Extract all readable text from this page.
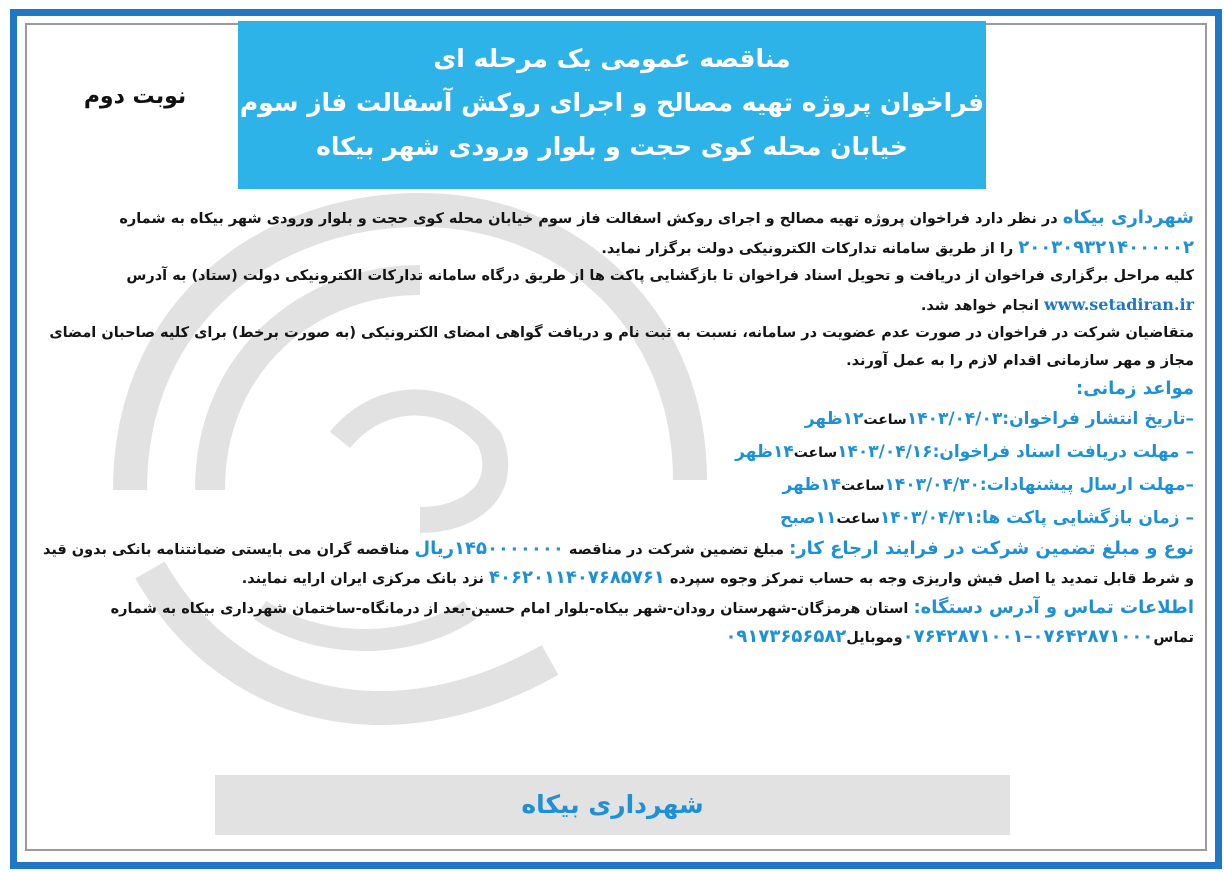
مناقصه عمومی یک مرحله ای
فراخوان پروژه تهیه مصالح و اجرای روکش آسفالت فاز سوم
خیابان محله کوی حجت و بلوار ورودی شهر بیکاه
نوبت دوم

شهرداری بیکاه در نظر دارد فراخوان پروژه تهیه مصالح و اجرای روکش اسفالت فاز سوم خیابان محله کوی حجت و بلوار ورودی شهر بیکاه به شماره ۲۰۰۳۰۹۳۲۱۴۰۰۰۰۰۲ را از طریق سامانه تدارکات الکترونیکی دولت برگزار نماید.

کلیه مراحل برگزاری فراخوان از دریافت و تحویل اسناد فراخوان تا بازگشایی پاکت ها از طریق درگاه سامانه تدارکات الکترونیکی دولت (ستاد) به آدرس www.setadiran.ir انجام خواهد شد.

متقاضیان شرکت در فراخوان در صورت عدم عضویت در سامانه، نسبت به ثبت نام و دریافت گواهی امضای الکترونیکی (به صورت برخط) برای کلیه صاحبان امضای مجاز و مهر سازمانی اقدام لازم را به عمل آورند.

مواعد زمانی:

–تاریخ انتشار فراخوان:۱۴۰۳/۰۴/۰۳ساعت۱۲ظهر

– مهلت دریافت اسناد فراخوان:۱۴۰۳/۰۴/۱۶ساعت۱۴ظهر

–مهلت ارسال پیشنهادات:۱۴۰۳/۰۴/۳۰ساعت۱۴ظهر

– زمان بازگشایی پاکت ها:۱۴۰۳/۰۴/۳۱ساعت۱۱صبح

نوع و مبلغ تضمین شرکت در فرایند ارجاع کار: مبلغ تضمین شرکت در مناقصه ۱۴۵۰۰۰۰۰۰۰ریال مناقصه گران می بایستی ضمانتنامه بانکی بدون قید و شرط قابل تمدید یا اصل فیش واریزی وجه به حساب تمرکز وجوه سپرده ۴۰۶۲۰۱۱۴۰۷۶۸۵۷۶۱ نزد بانک مرکزی ایران ارایه نمایند.

اطلاعات تماس و آدرس دستگاه: استان هرمزگان-شهرستان رودان-شهر بیکاه-بلوار امام حسین-بعد از درمانگاه-ساختمان شهرداری بیکاه به شماره تماس۰۷۶۴۲۸۷۱۰۰۰–۰۷۶۴۲۸۷۱۰۰۱وموبایل۰۹۱۷۳۶۵۶۵۸۲

شهرداری بیکاه
